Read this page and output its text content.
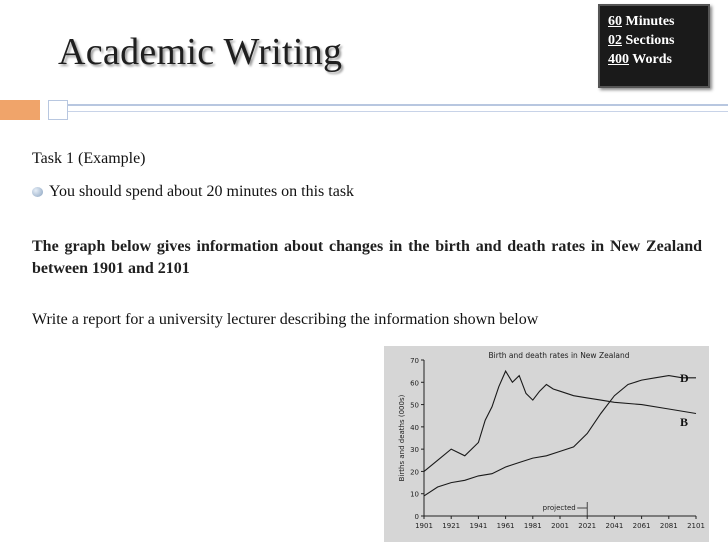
Academic Writing
60 Minutes
02 Sections
400 Words
Task 1 (Example)
You should spend about 20 minutes on this task
The graph below gives information about changes in the birth and death rates in New Zealand between 1901 and 2101
Write a report for a university lecturer describing the information shown below
0
10
20
30
40
50
60
70
1901 1921 1941 1961 1981 2001 2021 2041 2061 2081 2101
Birth and death rates in New Zealand
Births and deaths (000s)
projected
D
B
